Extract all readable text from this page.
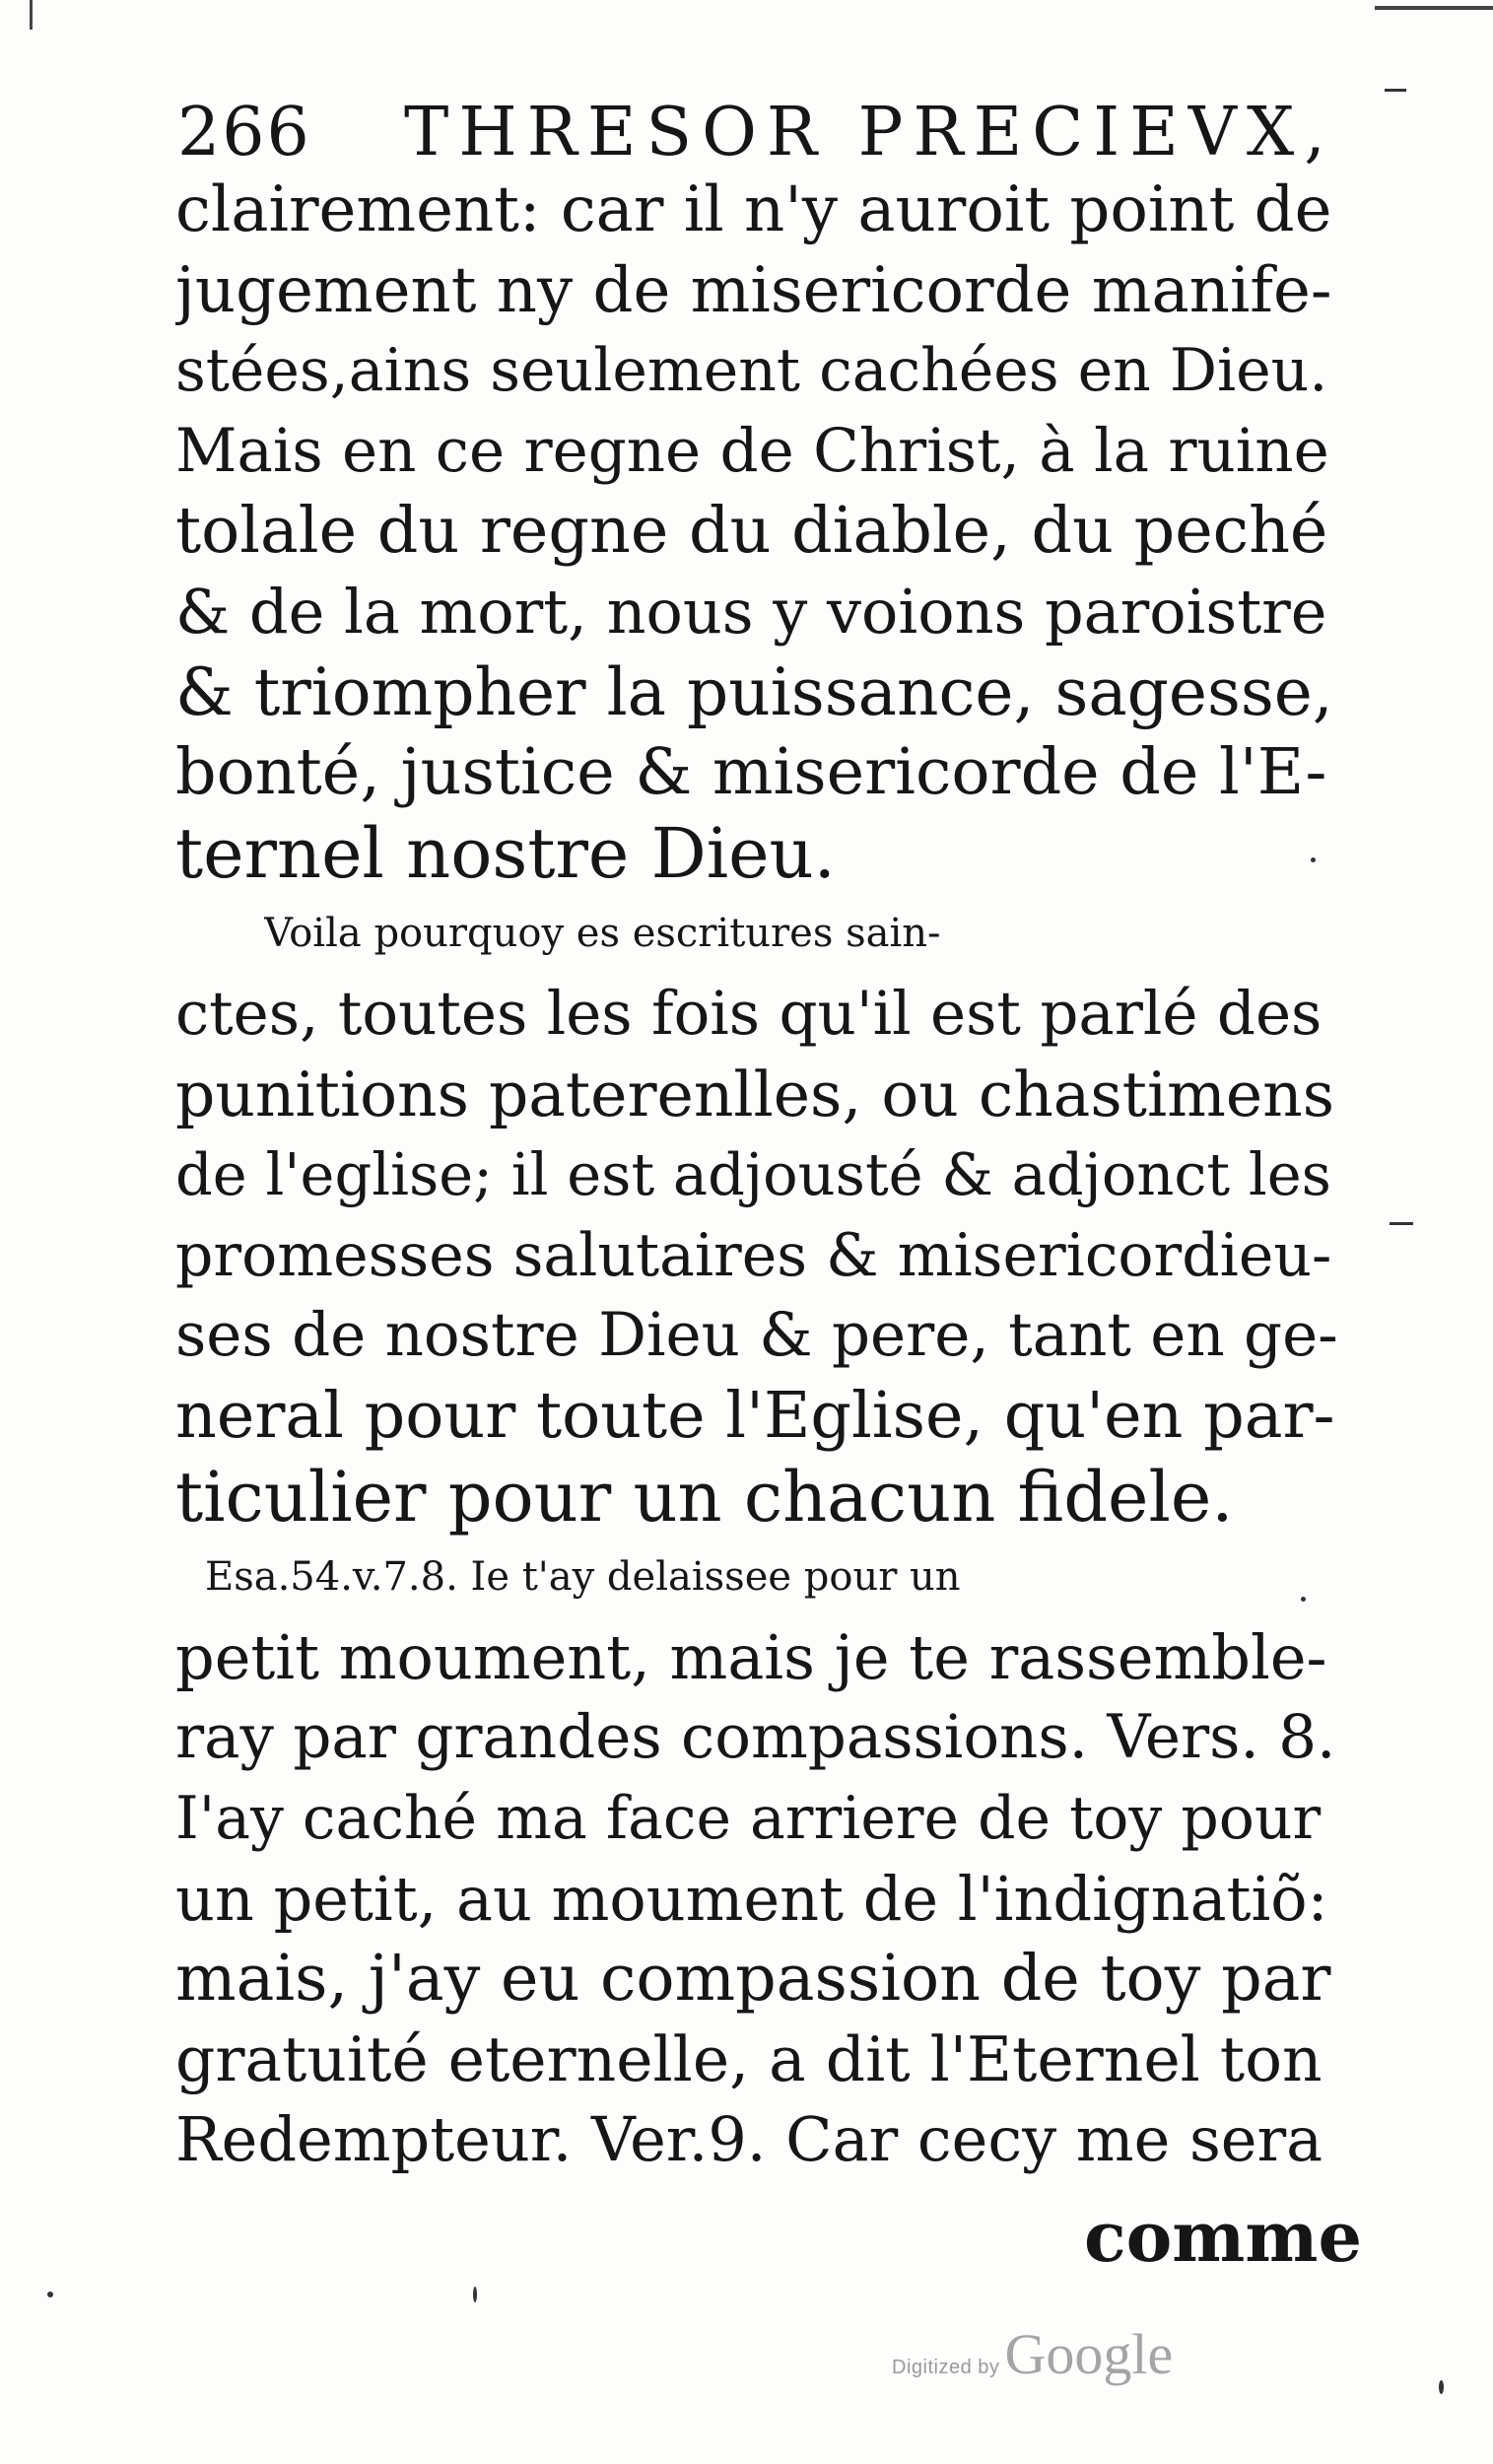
266 THRESOR PRECIEVX,
clairement: car il n'y auroit point de
jugement ny de misericorde manife-
stées,ains seulement cachées en Dieu.
Mais en ce regne de Christ, à la ruine
tolale du regne du diable, du peché
& de la mort, nous y voions paroistre
& triompher la puissance, sagesse,
bonté, justice & misericorde de l'E-
ternel nostre Dieu.
Voila pourquoy es escritures sain-
ctes, toutes les fois qu'il est parlé des
punitions paterenlles, ou chastimens
de l'eglise; il est adjousté & adjonct les
promesses salutaires & misericordieu-
ses de nostre Dieu & pere, tant en ge-
neral pour toute l'Eglise, qu'en par-
ticulier pour un chacun fidele.
Esa.54.v.7.8. Ie t'ay delaissee pour un
petit moument, mais je te rassemble-
ray par grandes compassions. Vers. 8.
I'ay caché ma face arriere de toy pour
un petit, au moument de l'indignatiõ:
mais, j'ay eu compassion de toy par
gratuité eternelle, a dit l'Eternel ton
Redempteur. Ver.9. Car cecy me sera
comme
Digitized by Google
